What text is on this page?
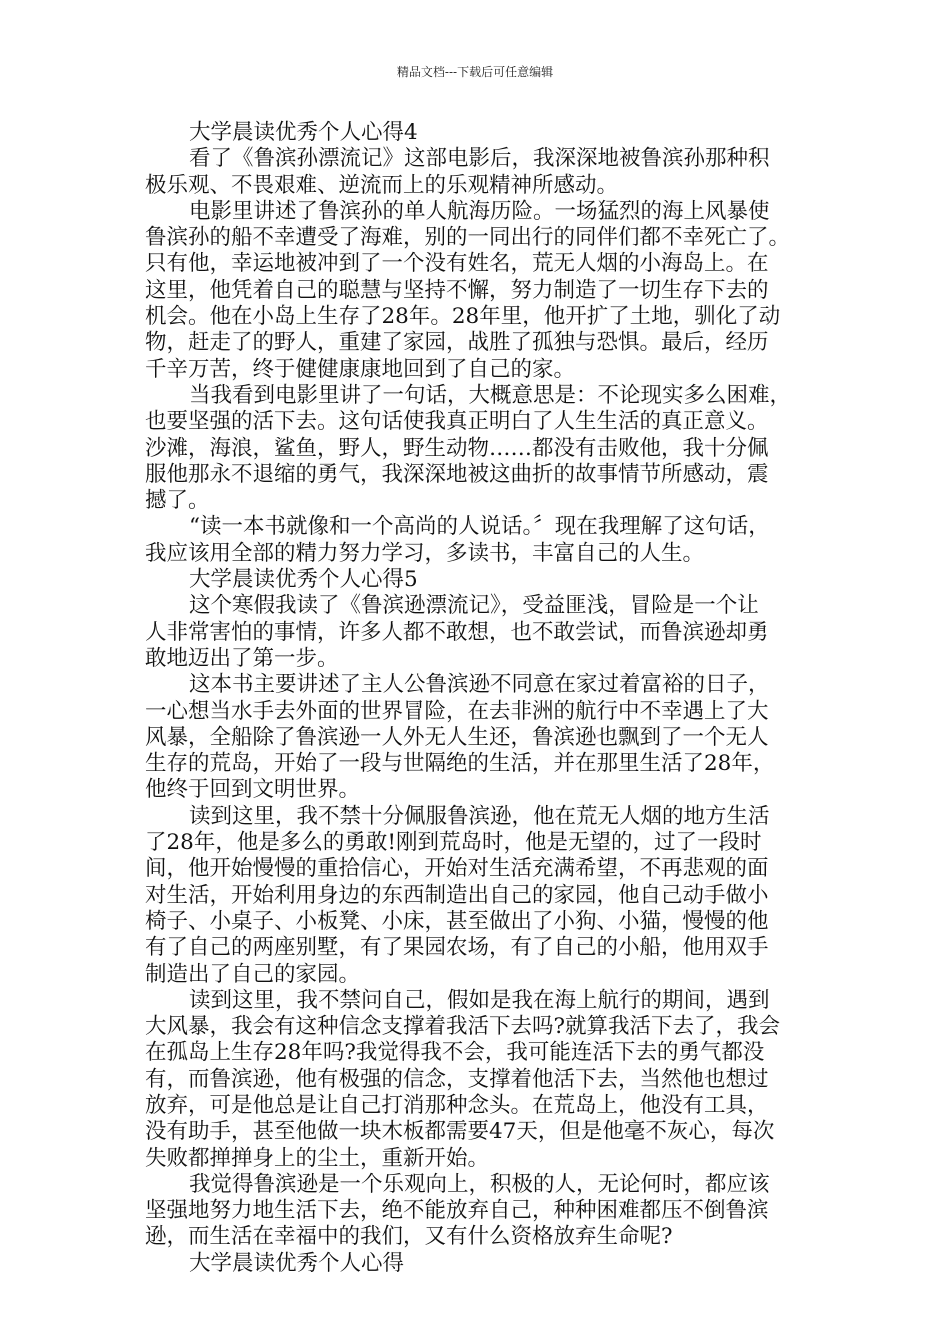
精品文档---下载后可任意编辑
大学晨读优秀个人心得4
看了《鲁滨孙漂流记》这部电影后，我深深地被鲁滨孙那种积
极乐观、不畏艰难、逆流而上的乐观精神所感动。
电影里讲述了鲁滨孙的单人航海历险。一场猛烈的海上风暴使
鲁滨孙的船不幸遭受了海难，别的一同出行的同伴们都不幸死亡了。
只有他，幸运地被冲到了一个没有姓名，荒无人烟的小海岛上。在
这里，他凭着自己的聪慧与坚持不懈，努力制造了一切生存下去的
机会。他在小岛上生存了28年。28年里，他开扩了土地，驯化了动
物，赶走了的野人，重建了家园，战胜了孤独与恐惧。最后，经历
千辛万苦，终于健健康康地回到了自己的家。
当我看到电影里讲了一句话，大概意思是：不论现实多么困难，
也要坚强的活下去。这句话使我真正明白了人生生活的真正意义。
沙滩，海浪，鲨鱼，野人，野生动物……都没有击败他，我十分佩
服他那永不退缩的勇气，我深深地被这曲折的故事情节所感动，震
撼了。
“读一本书就像和一个高尚的人说话。〞现在我理解了这句话，
我应该用全部的精力努力学习，多读书，丰富自己的人生。
大学晨读优秀个人心得5
这个寒假我读了《鲁滨逊漂流记》，受益匪浅，冒险是一个让
人非常害怕的事情，许多人都不敢想，也不敢尝试，而鲁滨逊却勇
敢地迈出了第一步。
这本书主要讲述了主人公鲁滨逊不同意在家过着富裕的日子，
一心想当水手去外面的世界冒险，在去非洲的航行中不幸遇上了大
风暴，全船除了鲁滨逊一人外无人生还，鲁滨逊也飘到了一个无人
生存的荒岛，开始了一段与世隔绝的生活，并在那里生活了28年，
他终于回到文明世界。
读到这里，我不禁十分佩服鲁滨逊，他在荒无人烟的地方生活
了28年，他是多么的勇敢!刚到荒岛时，他是无望的，过了一段时
间，他开始慢慢的重拾信心，开始对生活充满希望，不再悲观的面
对生活，开始利用身边的东西制造出自己的家园，他自己动手做小
椅子、小桌子、小板凳、小床，甚至做出了小狗、小猫，慢慢的他
有了自己的两座别墅，有了果园农场，有了自己的小船，他用双手
制造出了自己的家园。
读到这里，我不禁问自己，假如是我在海上航行的期间，遇到
大风暴，我会有这种信念支撑着我活下去吗?就算我活下去了，我会
在孤岛上生存28年吗?我觉得我不会，我可能连活下去的勇气都没
有，而鲁滨逊，他有极强的信念，支撑着他活下去，当然他也想过
放弃，可是他总是让自己打消那种念头。在荒岛上，他没有工具，
没有助手，甚至他做一块木板都需要47天，但是他毫不灰心，每次
失败都掸掸身上的尘土，重新开始。
我觉得鲁滨逊是一个乐观向上，积极的人，无论何时，都应该
坚强地努力地生活下去，绝不能放弃自己，种种困难都压不倒鲁滨
逊，而生活在幸福中的我们，又有什么资格放弃生命呢?
大学晨读优秀个人心得
